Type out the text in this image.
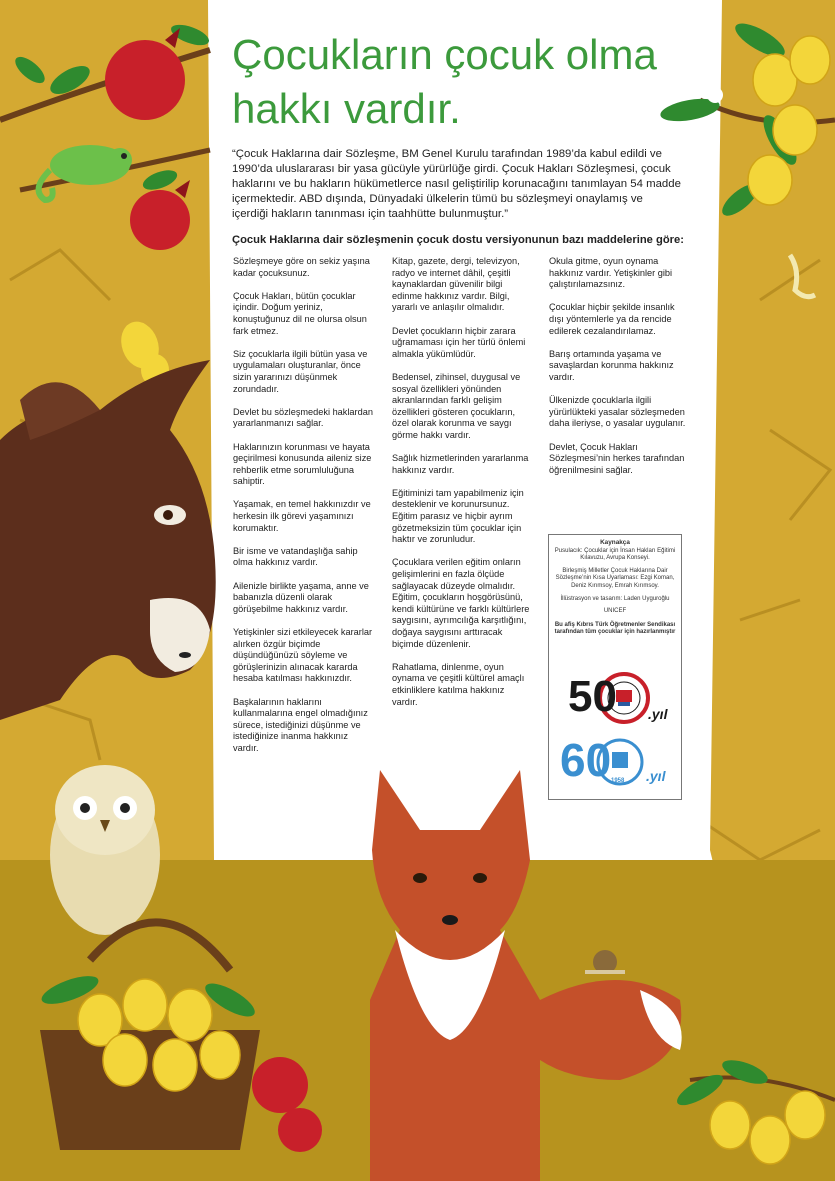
Çocukların çocuk olma
hakkı vardır.

“Çocuk Haklarına dair Sözleşme, BM Genel Kurulu tarafından 1989’da kabul edildi ve 1990’da uluslararası bir yasa gücüyle yürürlüğe girdi. Çocuk Hakları Sözleşmesi, çocuk haklarını ve bu hakların hükümetlerce nasıl geliştirilip korunacağını tanımlayan 54 madde içermektedir. ABD dışında, Dünyadaki ülkelerin tümü bu sözleşmeyi onaylamış ve içerdiği hakların tanınması için taahhütte bulunmuştur.”

Çocuk Haklarına dair sözleşmenin çocuk dostu versiyonunun bazı maddelerine göre:

Sözleşmeye göre on sekiz yaşına kadar çocuksunuz.

Çocuk Hakları, bütün çocuklar içindir. Doğum yeriniz, konuştuğunuz dil ne olursa olsun fark etmez.

Siz çocuklarla ilgili bütün yasa ve uygulamaları oluşturanlar, önce sizin yararınızı düşünmek zorundadır.

Devlet bu sözleşmedeki haklardan yararlanmanızı sağlar.

Haklarınızın korunması ve hayata geçirilmesi konusunda aileniz size rehberlik etme sorumluluğuna sahiptir.

Yaşamak, en temel hakkınızdır ve herkesin ilk görevi yaşamınızı korumaktır.

Bir isme ve vatandaşlığa sahip olma hakkınız vardır.

Ailenizle birlikte yaşama, anne ve babanızla düzenli olarak görüşebilme hakkınız vardır.

Yetişkinler sizi etkileyecek kararlar alırken özgür biçimde düşündüğünüzü söyleme ve görüşlerinizin alınacak kararda hesaba katılması hakkınızdır.

Başkalarının haklarını kullanmalarına engel olmadığınız sürece, istediğinizi düşünme ve istediğinize inanma hakkınız vardır.

Kitap, gazete, dergi, televizyon, radyo ve internet dâhil, çeşitli kaynaklardan güvenilir bilgi edinme hakkınız vardır. Bilgi, yararlı ve anlaşılır olmalıdır.

Devlet çocukların hiçbir zarara uğramaması için her türlü önlemi almakla yükümlüdür.

Bedensel, zihinsel, duygusal ve sosyal özellikleri yönünden akranlarından farklı gelişim özellikleri gösteren çocukların, özel olarak korunma ve saygı görme hakkı vardır.

Sağlık hizmetlerinden yararlanma hakkınız vardır.

Eğitiminizi tam yapabilmeniz için desteklenir ve korunursunuz. Eğitim parasız ve hiçbir ayrım gözetmeksizin tüm çocuklar için haktır ve zorunludur.

Çocuklara verilen eğitim onların gelişimlerini en fazla ölçüde sağlayacak düzeyde olmalıdır. Eğitim, çocukların hoşgörüsünü, kendi kültürüne ve farklı kültürlere saygısını, ayrımcılığa karşıtlığını, doğaya saygısını arttıracak biçimde düzenlenir.

Rahatlama, dinlenme, oyun oynama ve çeşitli kültürel amaçlı etkinliklere katılma hakkınız vardır.

Okula gitme, oyun oynama hakkınız vardır. Yetişkinler gibi çalıştırılamazsınız.

Çocuklar hiçbir şekilde insanlık dışı yöntemlerle ya da rencide edilerek cezalandırılamaz.

Barış ortamında yaşama ve savaşlardan korunma hakkınız vardır.

Ülkenizde çocuklarla ilgili yürürlükteki yasalar sözleşmeden daha ileriyse, o yasalar uygulanır.

Devlet, Çocuk Hakları Sözleşmesi’nin herkes tarafından öğrenilmesini sağlar.

Kaynakça

Pusulacık: Çocuklar için İnsan Hakları Eğitimi Kılavuzu, Avrupa Konseyi.

Birleşmiş Milletler Çocuk Haklarına Dair Sözleşme’nin Kısa Uyarlaması: Ezgi Koman, Deniz Kırımsoy, Emrah Kırımsoy.

İllüstrasyon ve tasarım: Laden Uyguroğlu

UNICEF

Bu afiş Kıbrıs Türk Öğretmenler Sendikası tarafından tüm çocuklar için hazırlanmıştır

50 .yıl
60 1958 .yıl
